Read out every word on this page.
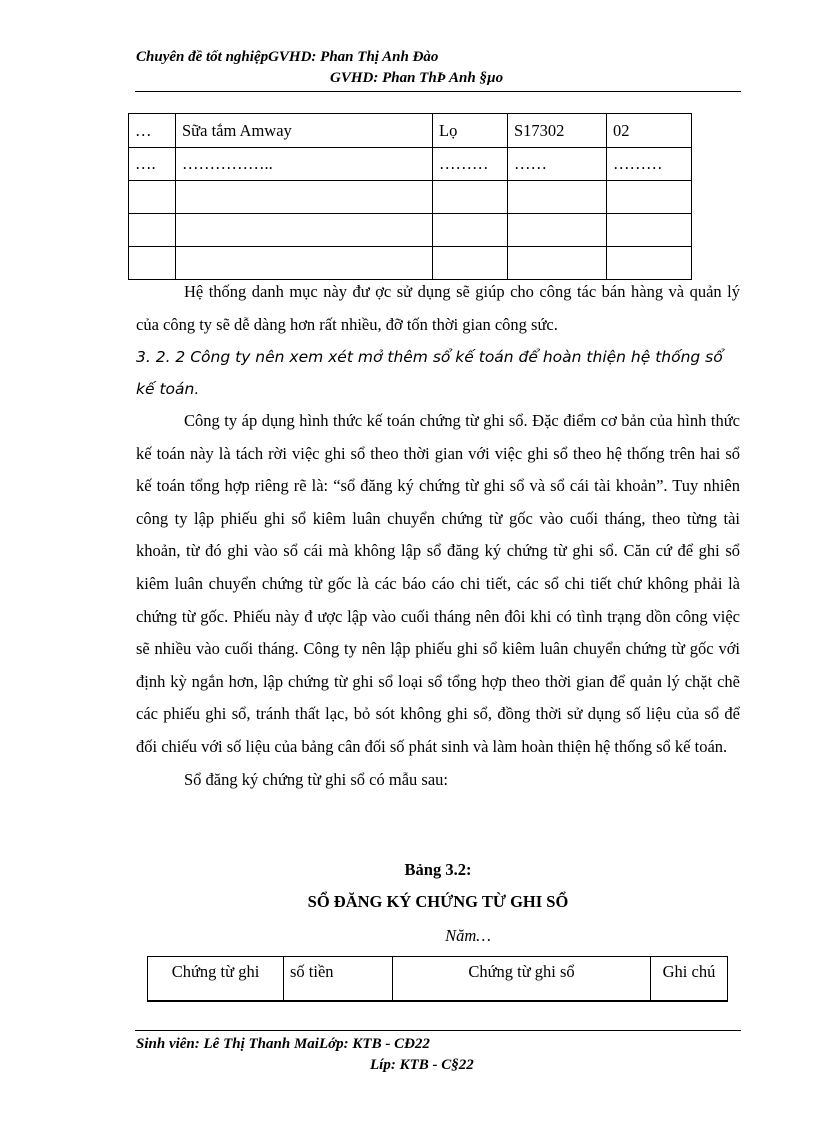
Chuyên đề tốt nghiệpGVHD: Phan Thị Anh Đào
GVHD: Phan ThÞ Anh §µo
…	Sữa tắm Amway	Lọ	S17302	02
….	……………..	………	……	………

Hệ thống danh mục này đư ợc sử dụng sẽ giúp cho công tác bán hàng và quản lý của công ty sẽ dễ dàng hơn rất nhiều, đỡ tốn thời gian công sức.
3. 2. 2 Công ty nên xem xét mở thêm sổ kế toán để hoàn thiện hệ thống sổ kế toán.
Công ty áp dụng hình thức kế toán chứng từ ghi sổ. Đặc điểm cơ bản của hình thức kế toán này là tách rời việc ghi sổ theo thời gian với việc ghi sổ theo hệ thống trên hai sổ kế toán tổng hợp riêng rẽ là: “sổ đăng ký chứng từ ghi sổ và sổ cái tài khoản”. Tuy nhiên công ty lập phiếu ghi sổ kiêm luân chuyển chứng từ gốc vào cuối tháng, theo từng tài khoản, từ đó ghi vào sổ cái mà không lập sổ đăng ký chứng từ ghi sổ. Căn cứ để ghi sổ kiêm luân chuyển chứng từ gốc là các báo cáo chi tiết, các sổ chi tiết chứ không phải là chứng từ gốc. Phiếu này đ ược lập vào cuối tháng nên đôi khi có tình trạng dồn công việc sẽ nhiều vào cuối tháng. Công ty nên lập phiếu ghi sổ kiêm luân chuyển chứng từ gốc với định kỳ ngắn hơn, lập chứng từ ghi sổ loại sổ tổng hợp theo thời gian để quản lý chặt chẽ các phiếu ghi sổ, tránh thất lạc, bỏ sót không ghi sổ, đồng thời sử dụng số liệu của sổ để đối chiếu với số liệu của bảng cân đối số phát sinh và làm hoàn thiện hệ thống sổ kế toán.
Sổ đăng ký chứng từ ghi sổ có mẫu sau:
Bảng 3.2:
SỔ ĐĂNG KÝ CHỨNG TỪ GHI SỔ
Năm…
Chứng từ ghi	số tiền	Chứng từ ghi sổ	Ghi chú
Sinh viên: Lê Thị Thanh MaiLớp: KTB - CĐ22
Líp: KTB - C§22
